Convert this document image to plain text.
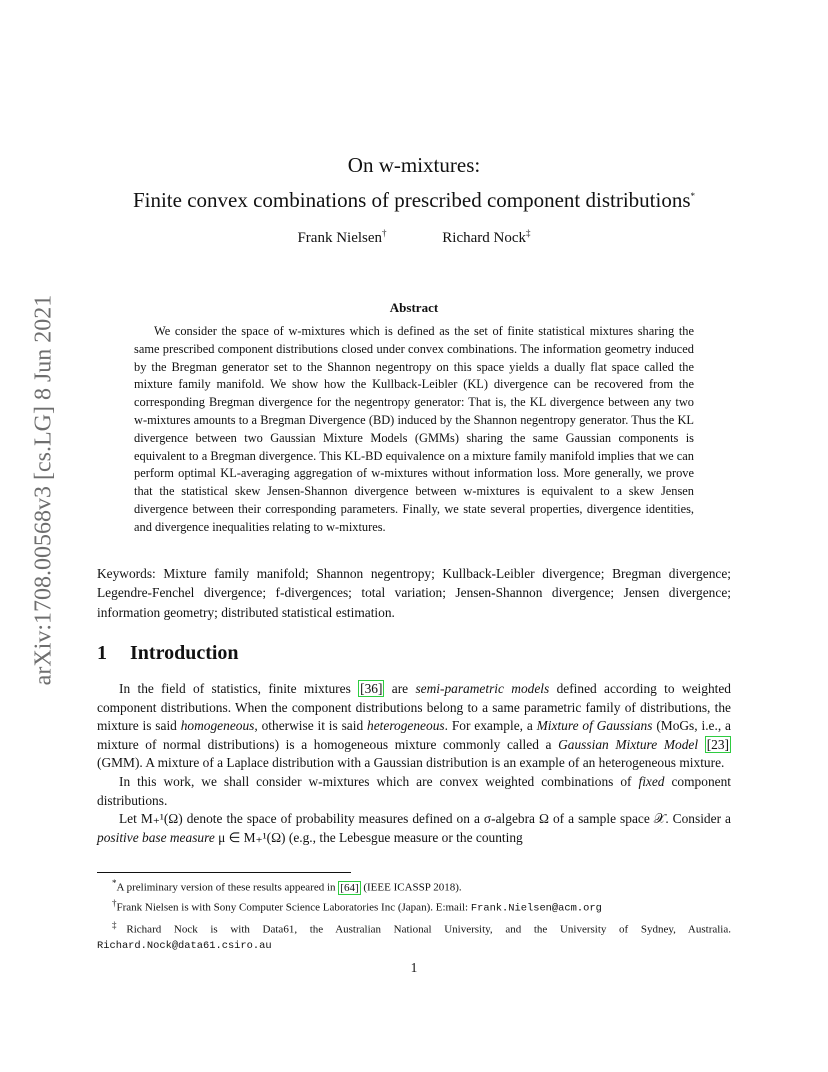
arXiv:1708.00568v3 [cs.LG] 8 Jun 2021
On w-mixtures:
Finite convex combinations of prescribed component distributions*
Frank Nielsen†	Richard Nock‡
Abstract

We consider the space of w-mixtures which is defined as the set of finite statistical mixtures sharing the same prescribed component distributions closed under convex combinations. The information geometry induced by the Bregman generator set to the Shannon negentropy on this space yields a dually flat space called the mixture family manifold. We show how the Kullback-Leibler (KL) divergence can be recovered from the corresponding Bregman divergence for the negentropy generator: That is, the KL divergence between any two w-mixtures amounts to a Bregman Divergence (BD) induced by the Shannon negentropy generator. Thus the KL divergence between two Gaussian Mixture Models (GMMs) sharing the same Gaussian components is equivalent to a Bregman divergence. This KL-BD equivalence on a mixture family manifold implies that we can perform optimal KL-averaging aggregation of w-mixtures without information loss. More generally, we prove that the statistical skew Jensen-Shannon divergence between w-mixtures is equivalent to a skew Jensen divergence between their corresponding parameters. Finally, we state several properties, divergence identities, and divergence inequalities relating to w-mixtures.

Keywords: Mixture family manifold; Shannon negentropy; Kullback-Leibler divergence; Bregman divergence; Legendre-Fenchel divergence; f-divergences; total variation; Jensen-Shannon divergence; Jensen divergence; information geometry; distributed statistical estimation.

1 Introduction

In the field of statistics, finite mixtures [36] are semi-parametric models defined according to weighted component distributions. When the component distributions belong to a same parametric family of distributions, the mixture is said homogeneous, otherwise it is said heterogeneous. For example, a Mixture of Gaussians (MoGs, i.e., a mixture of normal distributions) is a homogeneous mixture commonly called a Gaussian Mixture Model [23] (GMM). A mixture of a Laplace distribution with a Gaussian distribution is an example of an heterogeneous mixture.

In this work, we shall consider w-mixtures which are convex weighted combinations of fixed component distributions.

Let M₊¹(Ω) denote the space of probability measures defined on a σ-algebra Ω of a sample space 𝒳. Consider a positive base measure μ ∈ M₊¹(Ω) (e.g., the Lebesgue measure or the counting

*A preliminary version of these results appeared in [64] (IEEE ICASSP 2018).

†Frank Nielsen is with Sony Computer Science Laboratories Inc (Japan). E:mail: Frank.Nielsen@acm.org

‡Richard Nock is with Data61, the Australian National University, and the University of Sydney, Australia. Richard.Nock@data61.csiro.au

1
